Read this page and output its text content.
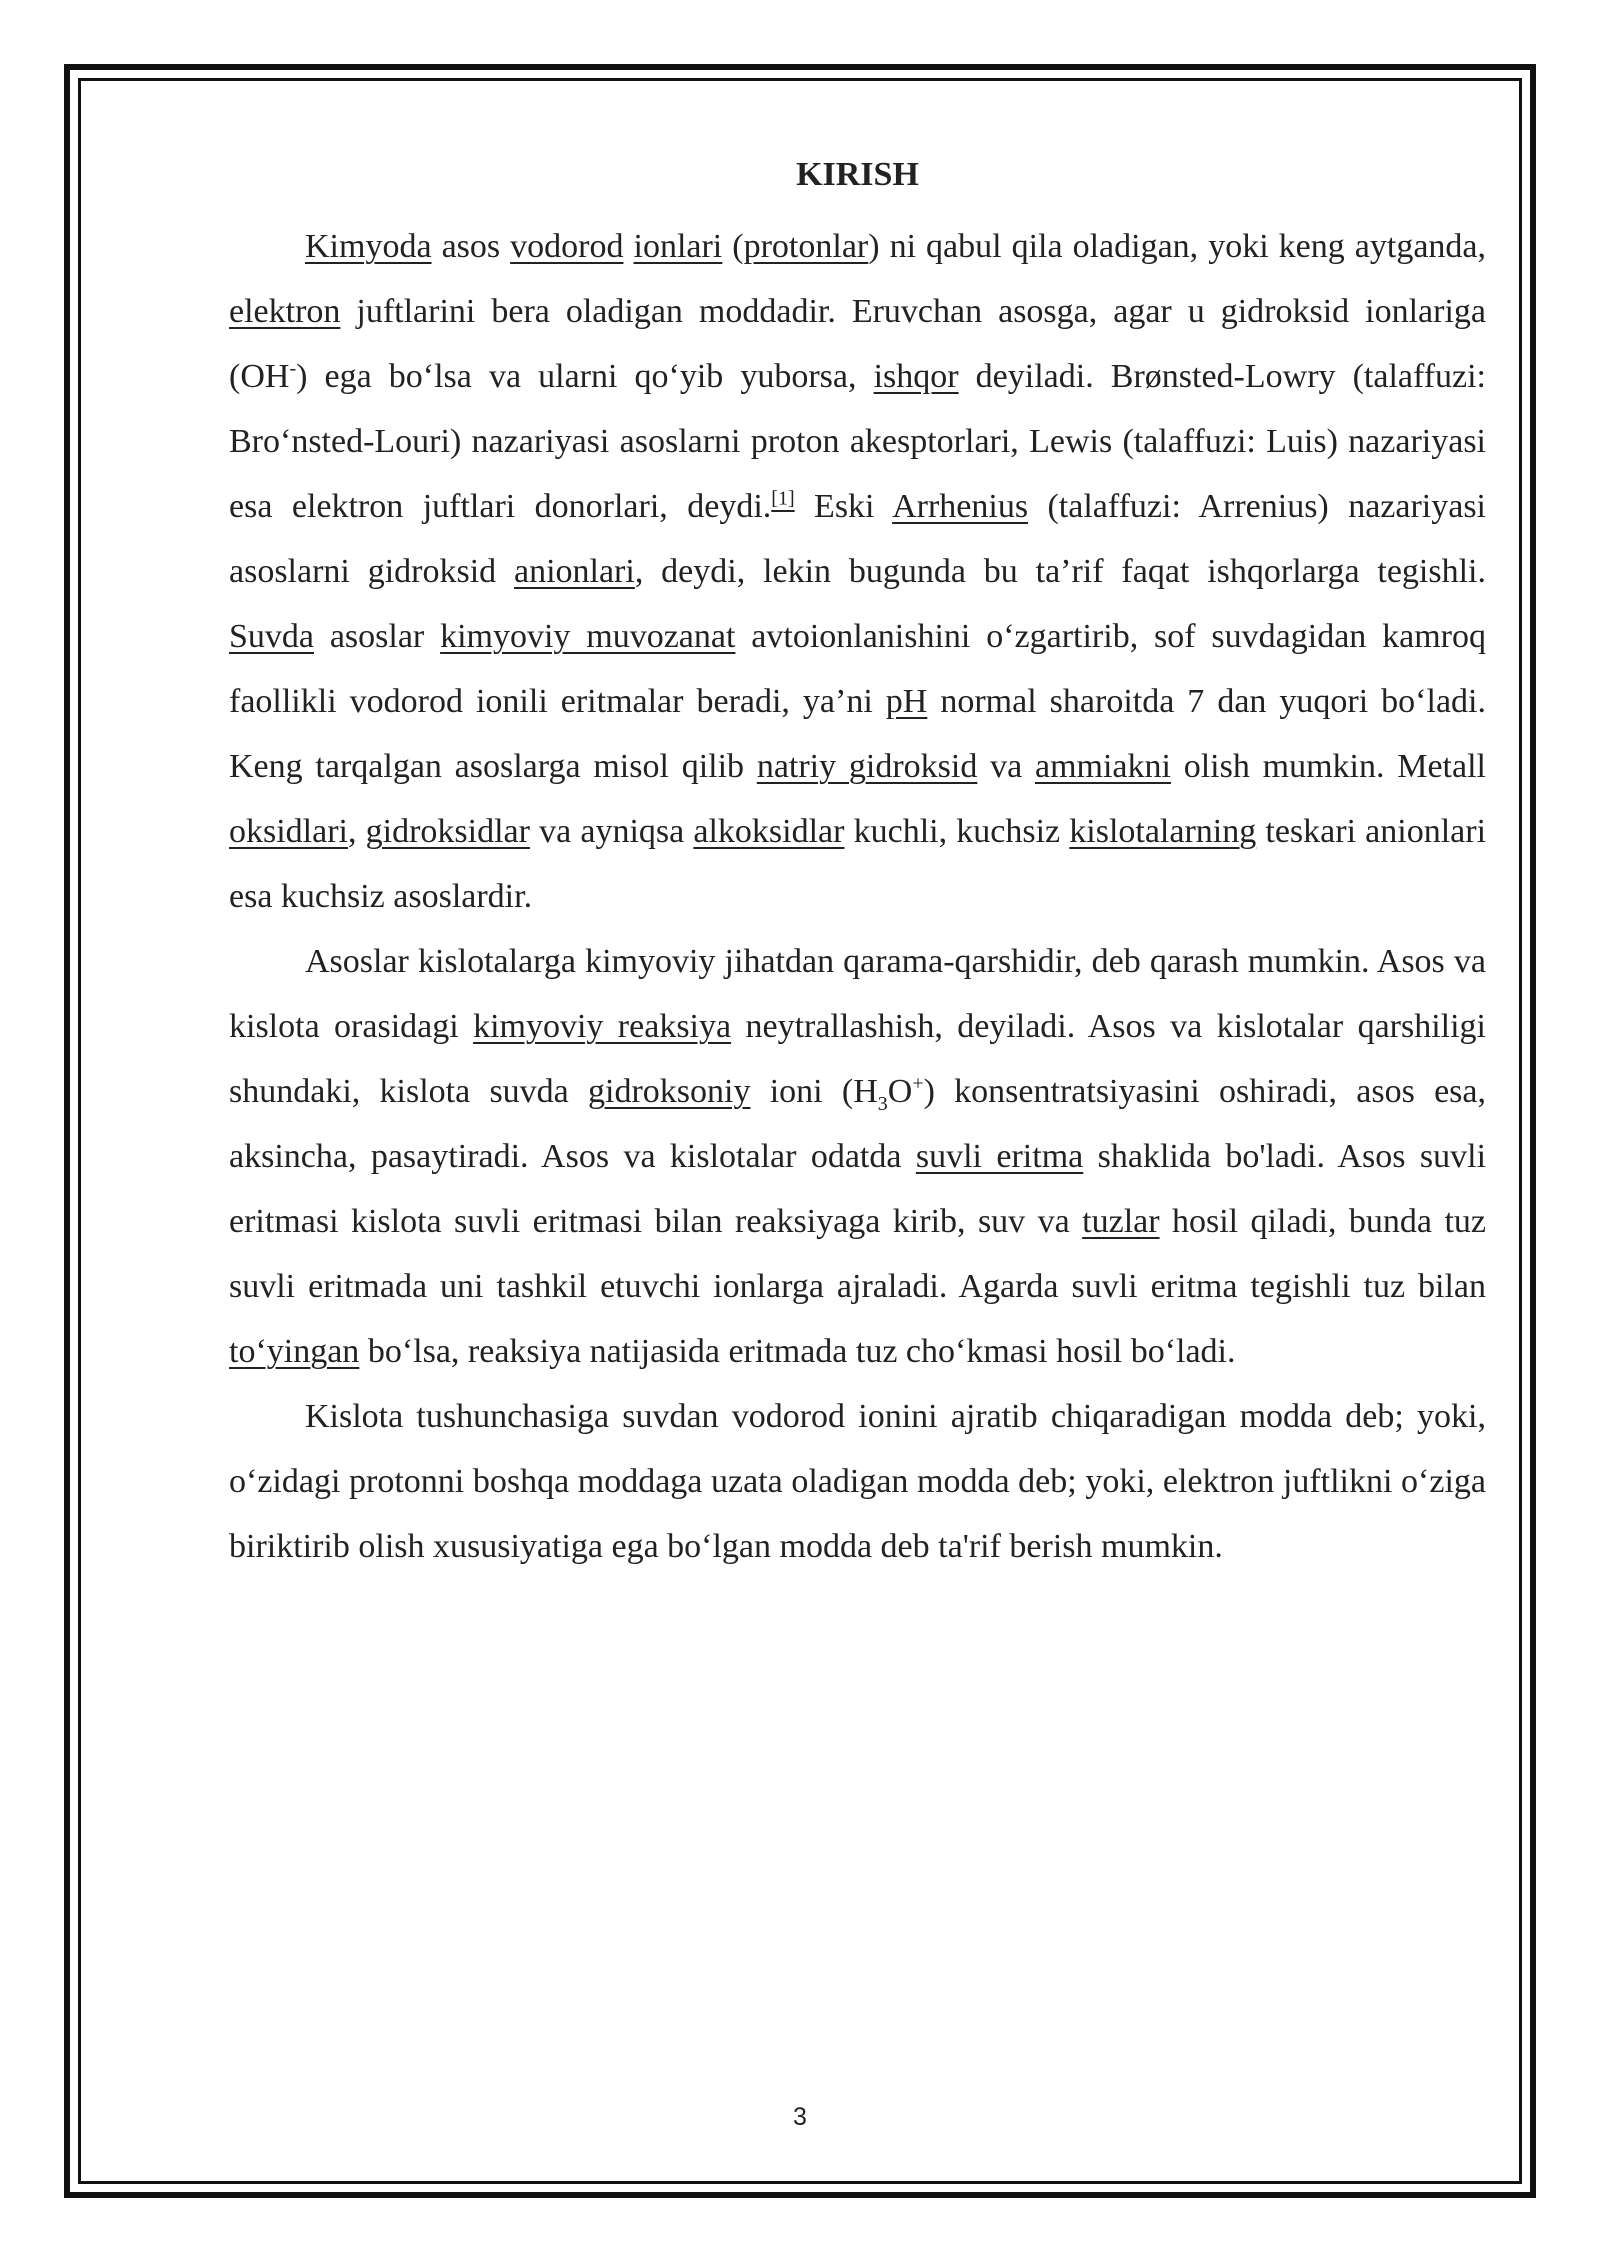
KIRISH

Kimyoda asos vodorod ionlari (protonlar) ni qabul qila oladigan, yoki keng aytganda, elektron juftlarini bera oladigan moddadir. Eruvchan asosga, agar u gidroksid ionlariga (OH-) ega bo‘lsa va ularni qo‘yib yuborsa, ishqor deyiladi. Brønsted-Lowry (talaffuzi: Bro‘nsted-Louri) nazariyasi asoslarni proton akesptorlari, Lewis (talaffuzi: Luis) nazariyasi esa elektron juftlari donorlari, deydi.[1] Eski Arrhenius (talaffuzi: Arrenius) nazariyasi asoslarni gidroksid anionlari, deydi, lekin bugunda bu ta’rif faqat ishqorlarga tegishli. Suvda asoslar kimyoviy muvozanat avtoionlanishini o‘zgartirib, sof suvdagidan kamroq faollikli vodorod ionili eritmalar beradi, ya’ni pH normal sharoitda 7 dan yuqori bo‘ladi. Keng tarqalgan asoslarga misol qilib natriy gidroksid va ammiakni olish mumkin. Metall oksidlari, gidroksidlar va ayniqsa alkoksidlar kuchli, kuchsiz kislotalarning teskari anionlari esa kuchsiz asoslardir.

Asoslar kislotalarga kimyoviy jihatdan qarama-qarshidir, deb qarash mumkin. Asos va kislota orasidagi kimyoviy reaksiya neytrallashish, deyiladi. Asos va kislotalar qarshiligi shundaki, kislota suvda gidroksoniy ioni $(H_3O^+)$ konsentratsiyasini oshiradi, asos esa, aksincha, pasaytiradi. Asos va kislotalar odatda suvli eritma shaklida bo'ladi. Asos suvli eritmasi kislota suvli eritmasi bilan reaksiyaga kirib, suv va tuzlar hosil qiladi, bunda tuz suvli eritmada uni tashkil etuvchi ionlarga ajraladi. Agarda suvli eritma tegishli tuz bilan to‘yingan bo‘lsa, reaksiya natijasida eritmada tuz cho‘kmasi hosil bo‘ladi.

Kislota tushunchasiga suvdan vodorod ionini ajratib chiqaradigan modda deb; yoki, o‘zidagi protonni boshqa moddaga uzata oladigan modda deb; yoki, elektron juftlikni o‘ziga biriktirib olish xususiyatiga ega bo‘lgan modda deb ta'rif berish mumkin.

3
